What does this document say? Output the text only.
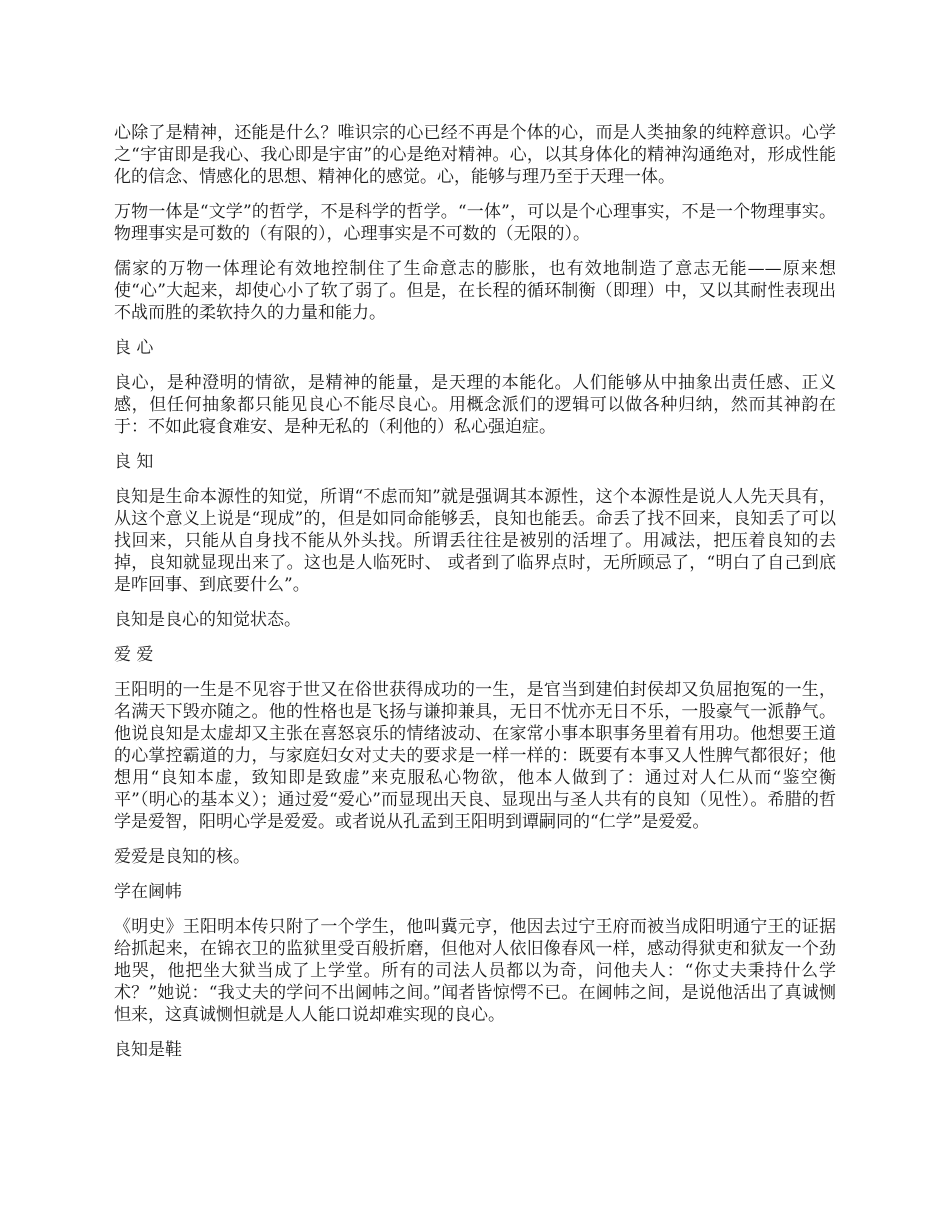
心除了是精神，还能是什么？唯识宗的心已经不再是个体的心，而是人类抽象的纯粹意识。心学之“宇宙即是我心、我心即是宇宙”的心是绝对精神。心，以其身体化的精神沟通绝对，形成性能化的信念、情感化的思想、精神化的感觉。心，能够与理乃至于天理一体。

万物一体是“文学”的哲学，不是科学的哲学。“一体”，可以是个心理事实，不是一个物理事实。物理事实是可数的（有限的），心理事实是不可数的（无限的）。

儒家的万物一体理论有效地控制住了生命意志的膨胀，也有效地制造了意志无能——原来想使“心”大起来，却使心小了软了弱了。但是，在长程的循环制衡（即理）中，又以其耐性表现出不战而胜的柔软持久的力量和能力。

良 心

良心，是种澄明的情欲，是精神的能量，是天理的本能化。人们能够从中抽象出责任感、正义感，但任何抽象都只能见良心不能尽良心。用概念派们的逻辑可以做各种归纳，然而其神韵在于：不如此寝食难安、是种无私的（利他的）私心强迫症。

良 知

良知是生命本源性的知觉，所谓“不虑而知”就是强调其本源性，这个本源性是说人人先天具有，从这个意义上说是“现成”的，但是如同命能够丢，良知也能丢。命丢了找不回来，良知丢了可以找回来，只能从自身找不能从外头找。所谓丢往往是被别的活埋了。用减法，把压着良知的去掉，良知就显现出来了。这也是人临死时、 或者到了临界点时，无所顾忌了，“明白了自己到底是咋回事、到底要什么”。

良知是良心的知觉状态。

爱 爱

王阳明的一生是不见容于世又在俗世获得成功的一生，是官当到建伯封侯却又负屈抱冤的一生，名满天下毁亦随之。他的性格也是飞扬与谦抑兼具，无日不忧亦无日不乐，一股豪气一派静气。他说良知是太虚却又主张在喜怒哀乐的情绪波动、在家常小事本职事务里着有用功。他想要王道的心掌控霸道的力，与家庭妇女对丈夫的要求是一样一样的：既要有本事又人性脾气都很好；他想用“良知本虚，致知即是致虚”来克服私心物欲，他本人做到了：通过对人仁从而“鉴空衡平”（明心的基本义）；通过爱“爱心”而显现出天良、显现出与圣人共有的良知（见性）。希腊的哲学是爱智，阳明心学是爱爱。或者说从孔孟到王阳明到谭嗣同的“仁学”是爱爱。

爱爱是良知的核。

学在阃帏

《明史》王阳明本传只附了一个学生，他叫冀元亨，他因去过宁王府而被当成阳明通宁王的证据给抓起来，在锦衣卫的监狱里受百般折磨，但他对人依旧像春风一样，感动得狱吏和狱友一个劲地哭，他把坐大狱当成了上学堂。所有的司法人员都以为奇，问他夫人：“你丈夫秉持什么学术？”她说：“我丈夫的学问不出阃帏之间。”闻者皆惊愕不已。在阃帏之间，是说他活出了真诚恻怛来，这真诚恻怛就是人人能口说却难实现的良心。

良知是鞋
